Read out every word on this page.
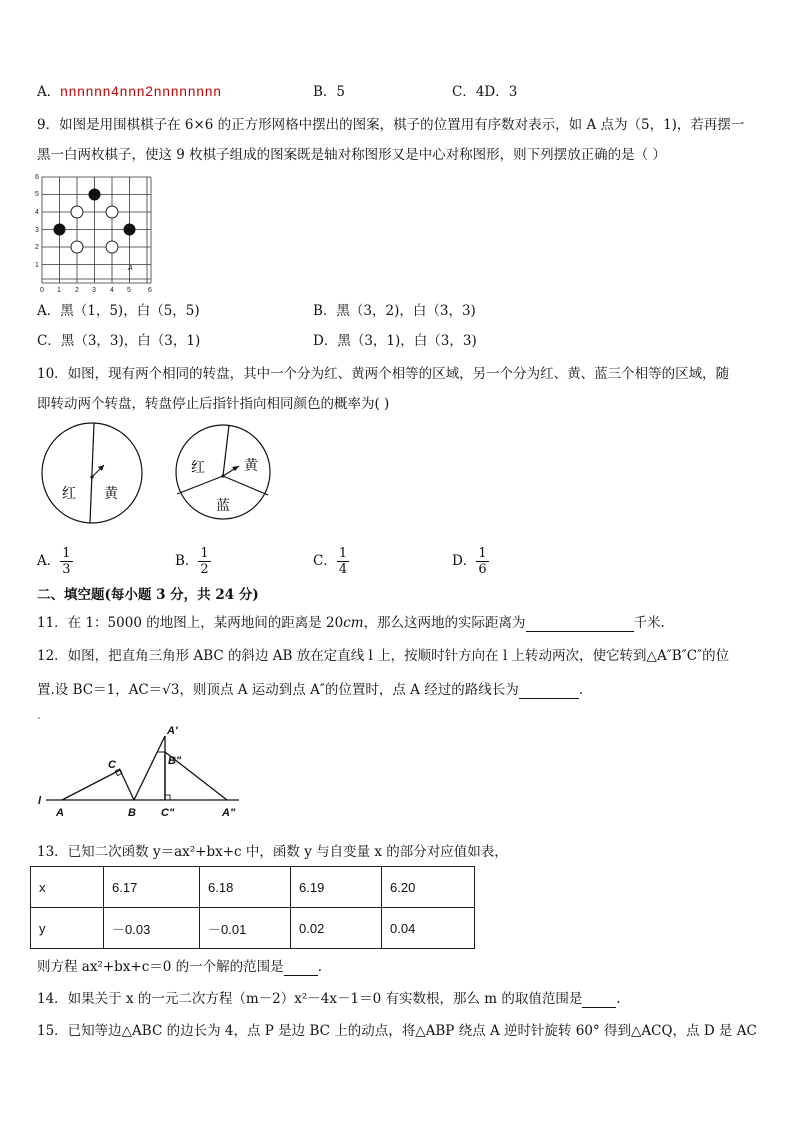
A．nnnnnn4nnn2nnnnnnnn	B．5	C．4D．3
9．如图是用围棋棋子在 6×6 的正方形网格中摆出的图案，棋子的位置用有序数对表示，如 A 点为（5，1)，若再摆一
黑一白两枚棋子，使这 9 枚棋子组成的图案既是轴对称图形又是中心对称图形，则下列摆放正确的是（ ）
6
5
4
3
2
1
0 1 2 3 4 5 6
A
A．黑（1，5)，白（5，5)	B．黑（3，2)，白（3，3)
C．黑（3，3)，白（3，1)	D．黑（3，1)，白（3，3)
10．如图，现有两个相同的转盘，其中一个分为红、黄两个相等的区域，另一个分为红、黄、蓝三个相等的区域，随
即转动两个转盘，转盘停止后指针指向相同颜色的概率为( )
红 黄
红	黄
蓝
A． $\frac{1}{3}$	B． $\frac{1}{2}$	C． $\frac{1}{4}$	D． $\frac{1}{6}$
二、填空题(每小题 3 分，共 24 分)
11．在 1：5000 的地图上，某两地间的距离是 20cm，那么这两地的实际距离为	千米.
12．如图，把直角三角形 ABC 的斜边 AB 放在定直线 l 上，按顺时针方向在 l 上转动两次，使它转到△A″B″C″的位
置.设 BC＝1，AC＝√3，则顶点 A 运动到点 A″的位置时，点 A 经过的路线长为	.
l
A
C
B
A'
B"
C"	A"
13．已知二次函数 y＝ax²+bx+c 中，函数 y 与自变量 x 的部分对应值如表，
x	6.17	6.18	6.19	6.20
y	－0.03	－0.01	0.02	0.04
则方程 ax²+bx+c＝0 的一个解的范围是	.
14．如果关于 x 的一元二次方程（m－2）x²－4x－1＝0 有实数根，那么 m 的取值范围是	.
15．已知等边△ABC 的边长为 4，点 P 是边 BC 上的动点，将△ABP 绕点 A 逆时针旋转 60° 得到△ACQ，点 D 是 AC
